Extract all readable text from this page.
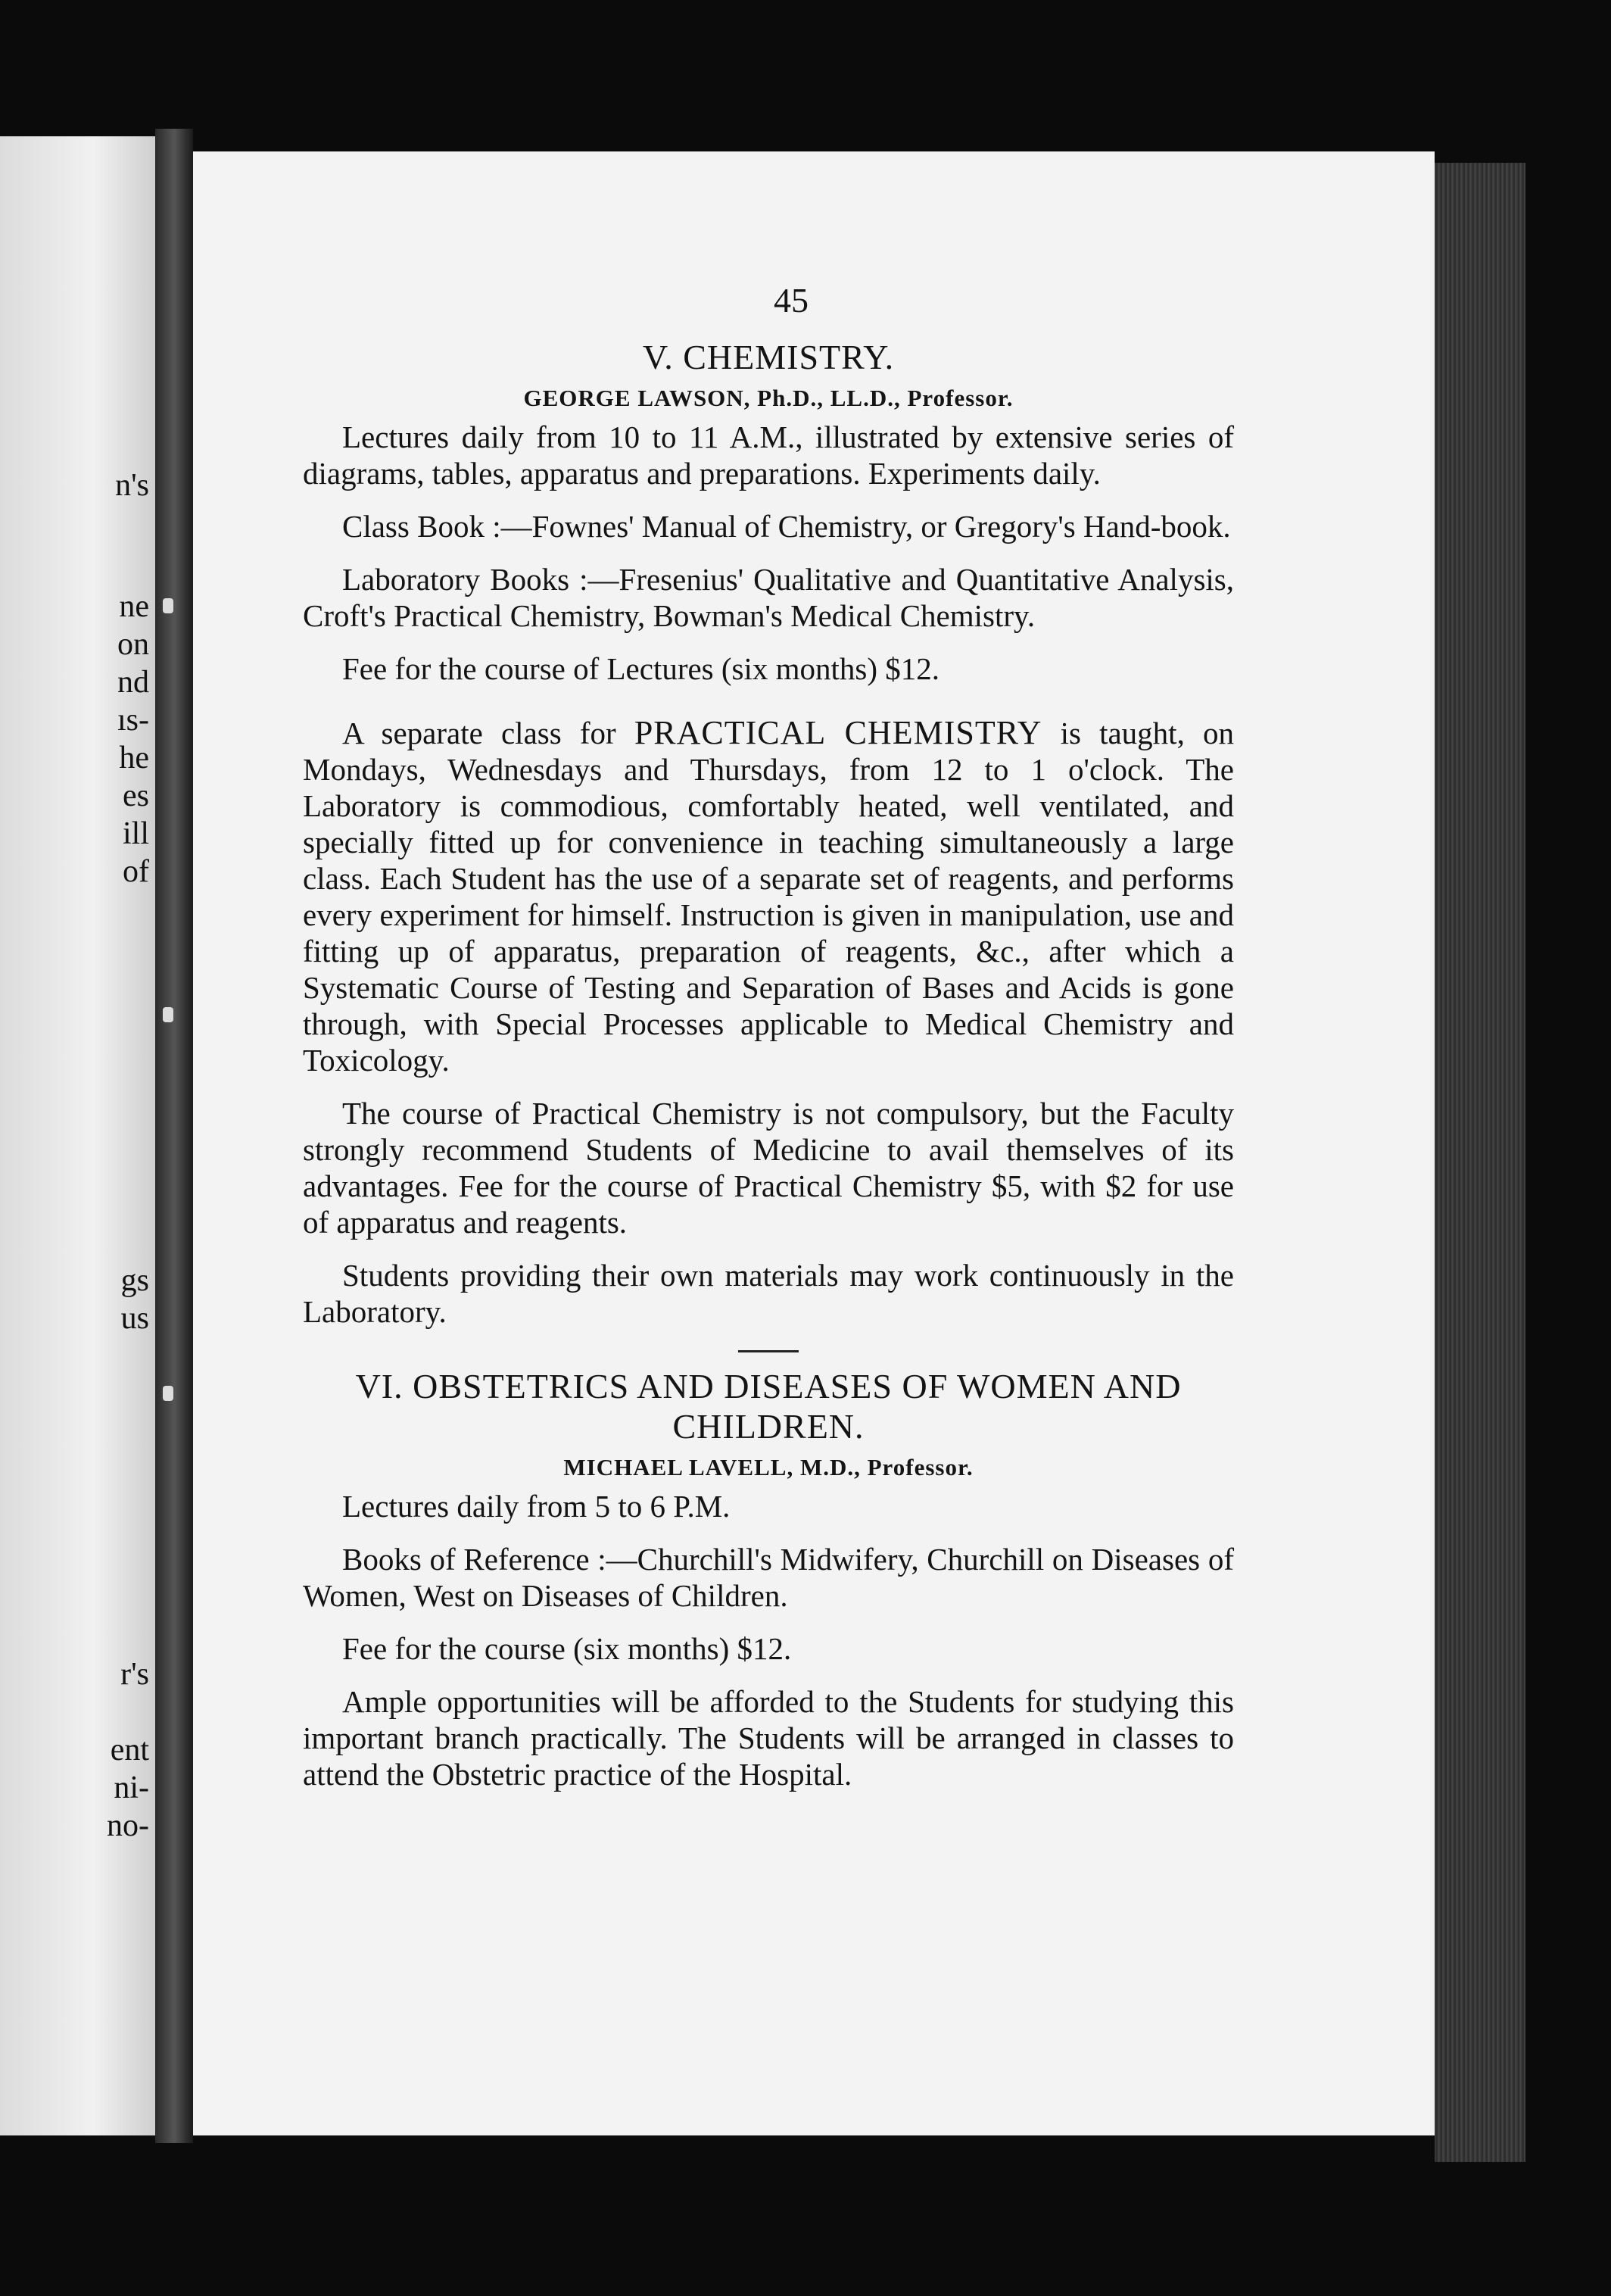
n's
ne
on
nd
ıs-
he
es
ill
of
gs
us
r's
ent
ni-
no-
45
V. CHEMISTRY.
GEORGE LAWSON, Ph.D., LL.D., Professor.

Lectures daily from 10 to 11 A.M., illustrated by extensive series of diagrams, tables, apparatus and preparations. Experiments daily.

Class Book :—Fownes' Manual of Chemistry, or Gregory's Hand-book.

Laboratory Books :—Fresenius' Qualitative and Quantitative Analysis, Croft's Practical Chemistry, Bowman's Medical Chemistry.

Fee for the course of Lectures (six months) $12.

A separate class for PRACTICAL CHEMISTRY is taught, on Mondays, Wednesdays and Thursdays, from 12 to 1 o'clock. The Laboratory is commodious, comfortably heated, well ventilated, and specially fitted up for convenience in teaching simultaneously a large class. Each Student has the use of a separate set of reagents, and performs every experiment for himself. Instruction is given in manipulation, use and fitting up of apparatus, preparation of reagents, &c., after which a Systematic Course of Testing and Separation of Bases and Acids is gone through, with Special Processes applicable to Medical Chemistry and Toxicology.

The course of Practical Chemistry is not compulsory, but the Faculty strongly recommend Students of Medicine to avail themselves of its advantages. Fee for the course of Practical Chemistry $5, with $2 for use of apparatus and reagents.

Students providing their own materials may work continuously in the Laboratory.

VI. OBSTETRICS AND DISEASES OF WOMEN AND CHILDREN.
MICHAEL LAVELL, M.D., Professor.

Lectures daily from 5 to 6 P.M.

Books of Reference :—Churchill's Midwifery, Churchill on Diseases of Women, West on Diseases of Children.

Fee for the course (six months) $12.

Ample opportunities will be afforded to the Students for studying this important branch practically. The Students will be arranged in classes to attend the Obstetric practice of the Hospital.
